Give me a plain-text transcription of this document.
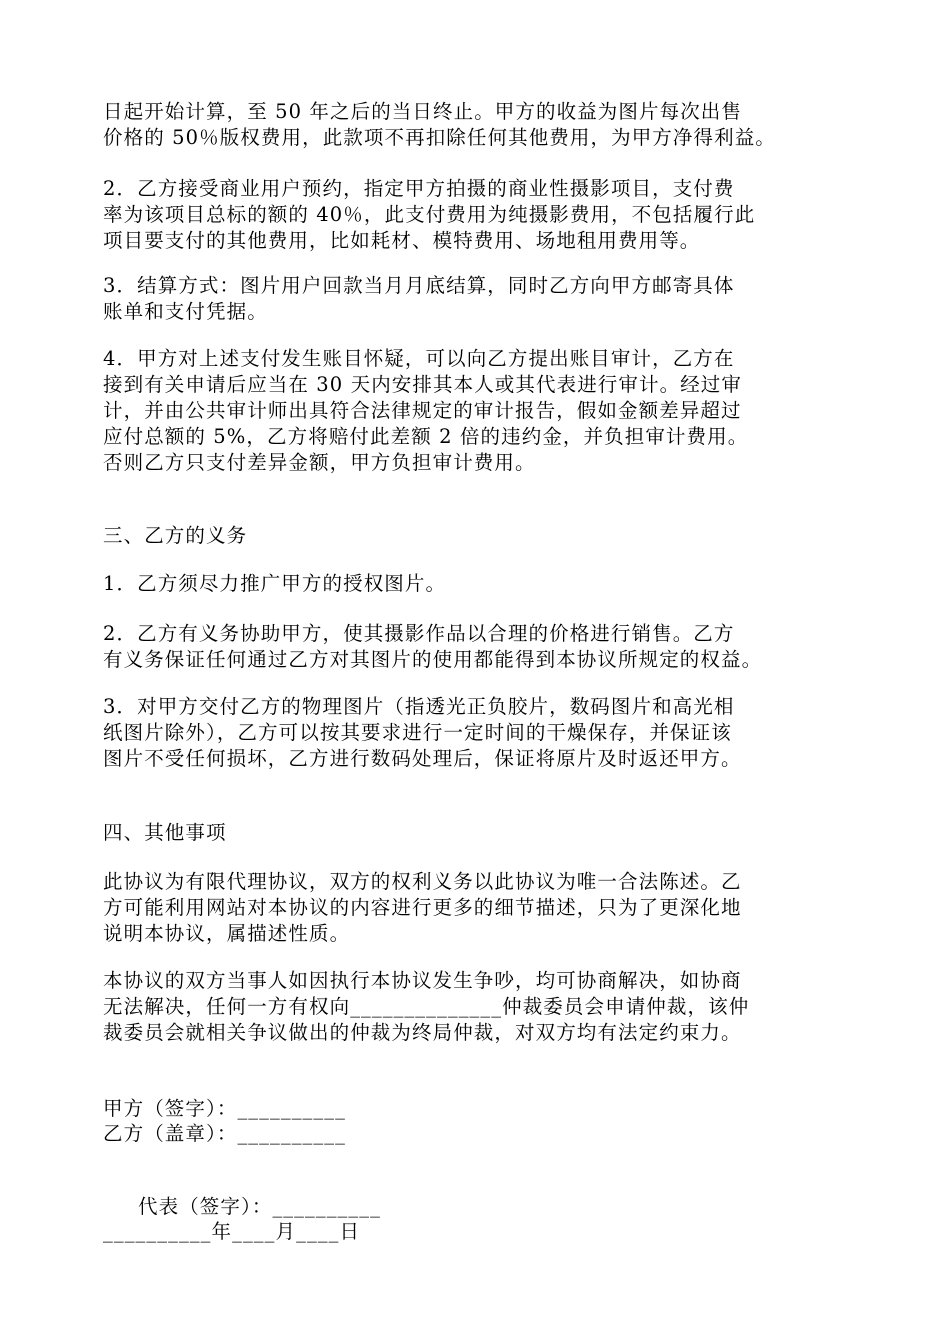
日起开始计算，至 50 年之后的当日终止。甲方的收益为图片每次出售
价格的 50％版权费用，此款项不再扣除任何其他费用，为甲方净得利益。
2．乙方接受商业用户预约，指定甲方拍摄的商业性摄影项目，支付费
率为该项目总标的额的 40％，此支付费用为纯摄影费用，不包括履行此
项目要支付的其他费用，比如耗材、模特费用、场地租用费用等。
3．结算方式：图片用户回款当月月底结算，同时乙方向甲方邮寄具体
账单和支付凭据。
4．甲方对上述支付发生账目怀疑，可以向乙方提出账目审计，乙方在
接到有关申请后应当在 30 天内安排其本人或其代表进行审计。经过审
计，并由公共审计师出具符合法律规定的审计报告，假如金额差异超过
应付总额的 5%，乙方将赔付此差额 2 倍的违约金，并负担审计费用。
否则乙方只支付差异金额，甲方负担审计费用。
三、乙方的义务
1．乙方须尽力推广甲方的授权图片。
2．乙方有义务协助甲方，使其摄影作品以合理的价格进行销售。乙方
有义务保证任何通过乙方对其图片的使用都能得到本协议所规定的权益。
3．对甲方交付乙方的物理图片（指透光正负胶片，数码图片和高光相
纸图片除外），乙方可以按其要求进行一定时间的干燥保存，并保证该
图片不受任何损坏，乙方进行数码处理后，保证将原片及时返还甲方。
四、其他事项
此协议为有限代理协议，双方的权利义务以此协议为唯一合法陈述。乙
方可能利用网站对本协议的内容进行更多的细节描述，只为了更深化地
说明本协议，属描述性质。
本协议的双方当事人如因执行本协议发生争吵，均可协商解决，如协商
无法解决，任何一方有权向______________仲裁委员会申请仲裁，该仲
裁委员会就相关争议做出的仲裁为终局仲裁，对双方均有法定约束力。
甲方（签字）：__________
乙方（盖章）：__________
代表（签字）：__________
__________年____月____日
